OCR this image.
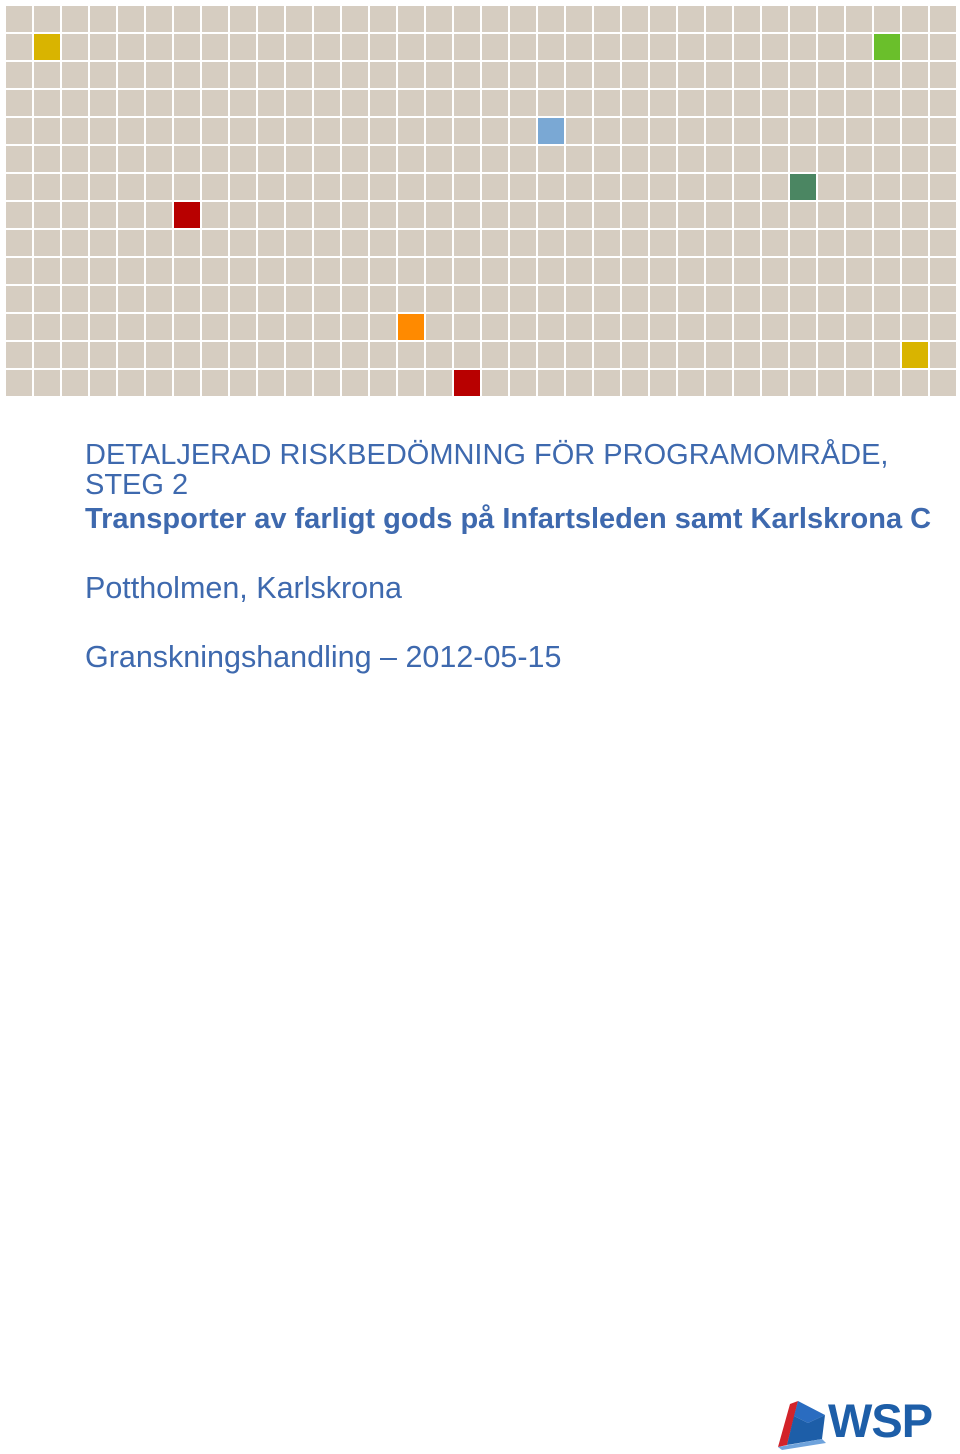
DETALJERAD RISKBEDÖMNING FÖR PROGRAMOMRÅDE,
STEG 2
Transporter av farligt gods på Infartsleden samt Karlskrona C
Pottholmen, Karlskrona
Granskningshandling – 2012-05-15
WSP
